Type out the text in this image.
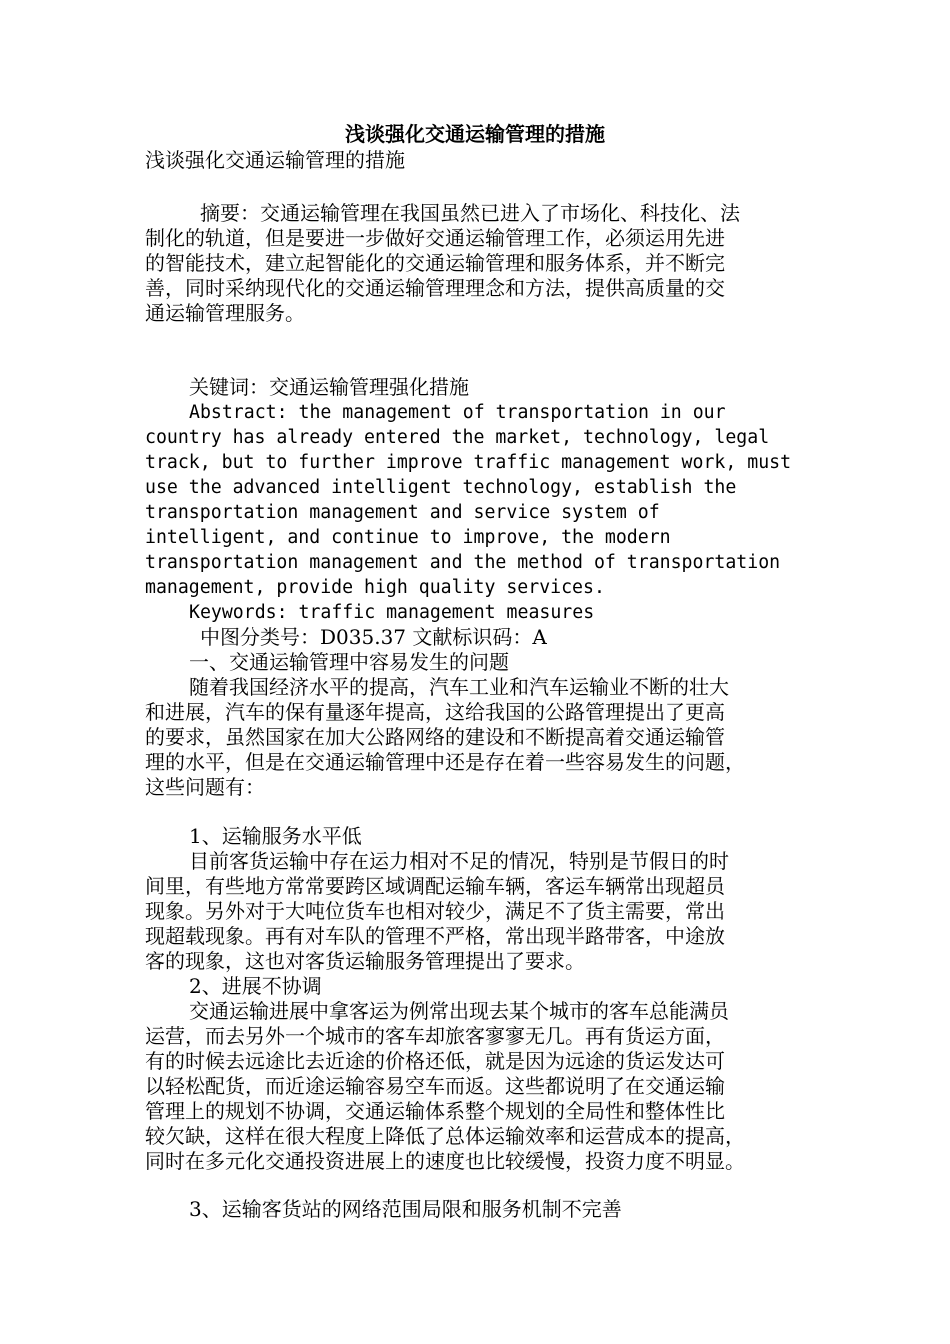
浅谈强化交通运输管理的措施
浅谈强化交通运输管理的措施
摘要：交通运输管理在我国虽然已进入了市场化、科技化、法
制化的轨道，但是要进一步做好交通运输管理工作，必须运用先进
的智能技术，建立起智能化的交通运输管理和服务体系，并不断完
善，同时采纳现代化的交通运输管理理念和方法，提供高质量的交
通运输管理服务。
关键词：交通运输管理强化措施
Abstract: the management of transportation in our
country has already entered the market, technology, legal
track, but to further improve traffic management work, must
use the advanced intelligent technology, establish the
transportation management and service system of
intelligent, and continue to improve, the modern
transportation management and the method of transportation
management, provide high quality services.
Keywords: traffic management measures
中图分类号：D035.37 文献标识码：A
一、交通运输管理中容易发生的问题
随着我国经济水平的提高，汽车工业和汽车运输业不断的壮大
和进展，汽车的保有量逐年提高，这给我国的公路管理提出了更高
的要求，虽然国家在加大公路网络的建设和不断提高着交通运输管
理的水平，但是在交通运输管理中还是存在着一些容易发生的问题，
这些问题有：
1、运输服务水平低
目前客货运输中存在运力相对不足的情况，特别是节假日的时
间里，有些地方常常要跨区域调配运输车辆，客运车辆常出现超员
现象。另外对于大吨位货车也相对较少，满足不了货主需要，常出
现超载现象。再有对车队的管理不严格，常出现半路带客，中途放
客的现象，这也对客货运输服务管理提出了要求。
2、进展不协调
交通运输进展中拿客运为例常出现去某个城市的客车总能满员
运营，而去另外一个城市的客车却旅客寥寥无几。再有货运方面，
有的时候去远途比去近途的价格还低，就是因为远途的货运发达可
以轻松配货，而近途运输容易空车而返。这些都说明了在交通运输
管理上的规划不协调，交通运输体系整个规划的全局性和整体性比
较欠缺，这样在很大程度上降低了总体运输效率和运营成本的提高，
同时在多元化交通投资进展上的速度也比较缓慢，投资力度不明显。
3、运输客货站的网络范围局限和服务机制不完善
